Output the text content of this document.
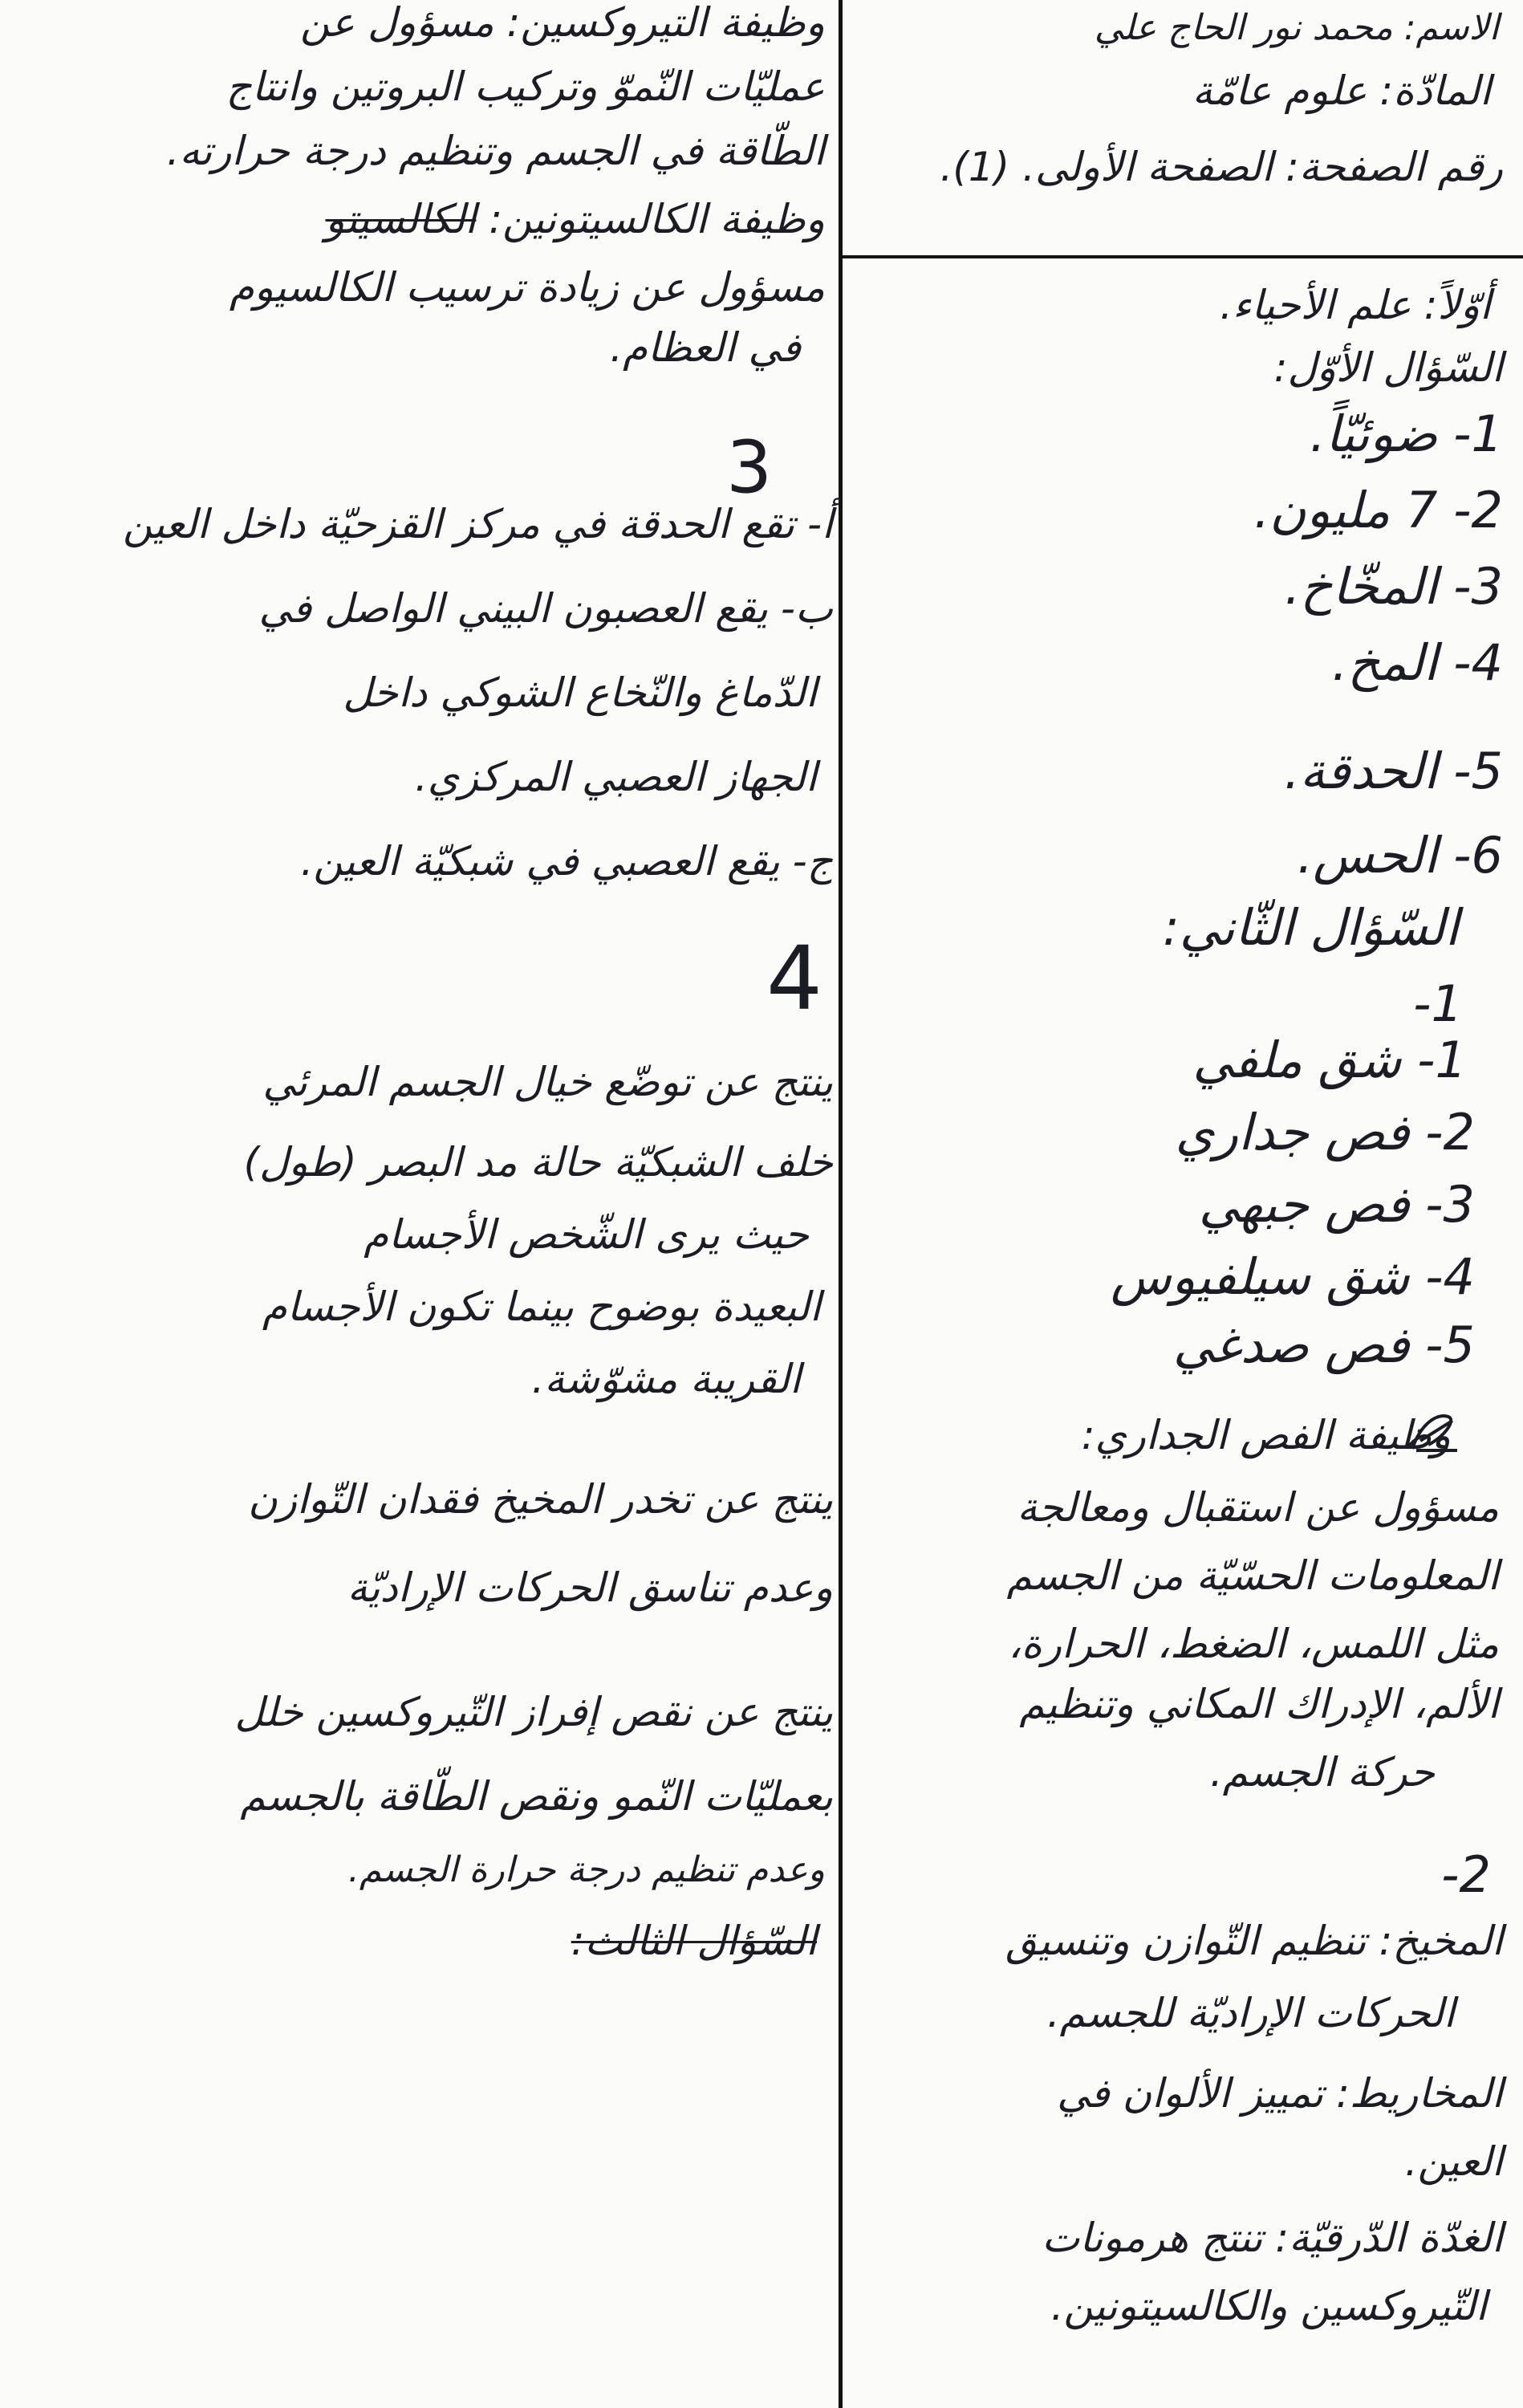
الاسم: محمد نور الحاج علي
المادّة: علوم عامّة
رقم الصفحة: الصفحة الأولى. (1).
أوّلاً: علم الأحياء.
السّؤال الأوّل:
1- ضوئيّاً.
2- 7 مليون.
3- المخّاخ.
4- المخ.
5- الحدقة.
6- الحس.
السّؤال الثّاني:
1-
1- شق ملفي
2- فص جداري
3- فص جبهي
4- شق سيلفيوس
5- فص صدغي
وظيفة الفص الجداري:
مسؤول عن استقبال ومعالجة
المعلومات الحسّيّة من الجسم
مثل اللمس، الضغط، الحرارة،
الألم، الإدراك المكاني وتنظيم
حركة الجسم.
2-
المخيخ: تنظيم التّوازن وتنسيق
الحركات الإراديّة للجسم.
المخاريط: تمييز الألوان في
العين.
الغدّة الدّرقيّة: تنتج هرمونات
التّيروكسين والكالسيتونين.
وظيفة التيروكسين: مسؤول عن
عمليّات النّموّ وتركيب البروتين وانتاج
الطّاقة في الجسم وتنظيم درجة حرارته.
وظيفة الكالسيتونين: الكالسيتو
مسؤول عن زيادة ترسيب الكالسيوم
في العظام.
3
أ- تقع الحدقة في مركز القزحيّة داخل العين
ب- يقع العصبون البيني الواصل في
الدّماغ والنّخاع الشوكي داخل
الجهاز العصبي المركزي.
ج- يقع العصبي في شبكيّة العين.
4
ينتج عن توضّع خيال الجسم المرئي
خلف الشبكيّة حالة مد البصر (طول)
حيث يرى الشّخص الأجسام
البعيدة بوضوح بينما تكون الأجسام
القريبة مشوّشة.
ينتج عن تخدر المخيخ فقدان التّوازن
وعدم تناسق الحركات الإراديّة
ينتج عن نقص إفراز التّيروكسين خلل
بعمليّات النّمو ونقص الطّاقة بالجسم
وعدم تنظيم درجة حرارة الجسم.
السّؤال الثالث:
